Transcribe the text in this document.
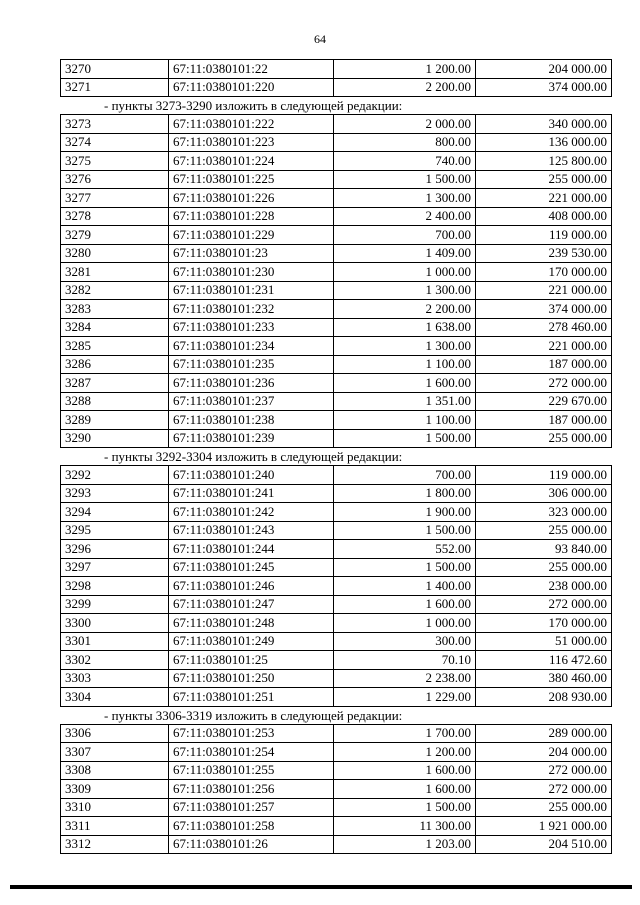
64
3270	67:11:0380101:22	1 200.00	204 000.00
3271	67:11:0380101:220	2 200.00	374 000.00
- пункты 3273-3290 изложить в следующей редакции:
3273	67:11:0380101:222	2 000.00	340 000.00
3274	67:11:0380101:223	800.00	136 000.00
3275	67:11:0380101:224	740.00	125 800.00
3276	67:11:0380101:225	1 500.00	255 000.00
3277	67:11:0380101:226	1 300.00	221 000.00
3278	67:11:0380101:228	2 400.00	408 000.00
3279	67:11:0380101:229	700.00	119 000.00
3280	67:11:0380101:23	1 409.00	239 530.00
3281	67:11:0380101:230	1 000.00	170 000.00
3282	67:11:0380101:231	1 300.00	221 000.00
3283	67:11:0380101:232	2 200.00	374 000.00
3284	67:11:0380101:233	1 638.00	278 460.00
3285	67:11:0380101:234	1 300.00	221 000.00
3286	67:11:0380101:235	1 100.00	187 000.00
3287	67:11:0380101:236	1 600.00	272 000.00
3288	67:11:0380101:237	1 351.00	229 670.00
3289	67:11:0380101:238	1 100.00	187 000.00
3290	67:11:0380101:239	1 500.00	255 000.00
- пункты 3292-3304 изложить в следующей редакции:
3292	67:11:0380101:240	700.00	119 000.00
3293	67:11:0380101:241	1 800.00	306 000.00
3294	67:11:0380101:242	1 900.00	323 000.00
3295	67:11:0380101:243	1 500.00	255 000.00
3296	67:11:0380101:244	552.00	93 840.00
3297	67:11:0380101:245	1 500.00	255 000.00
3298	67:11:0380101:246	1 400.00	238 000.00
3299	67:11:0380101:247	1 600.00	272 000.00
3300	67:11:0380101:248	1 000.00	170 000.00
3301	67:11:0380101:249	300.00	51 000.00
3302	67:11:0380101:25	70.10	116 472.60
3303	67:11:0380101:250	2 238.00	380 460.00
3304	67:11:0380101:251	1 229.00	208 930.00
- пункты 3306-3319 изложить в следующей редакции:
3306	67:11:0380101:253	1 700.00	289 000.00
3307	67:11:0380101:254	1 200.00	204 000.00
3308	67:11:0380101:255	1 600.00	272 000.00
3309	67:11:0380101:256	1 600.00	272 000.00
3310	67:11:0380101:257	1 500.00	255 000.00
3311	67:11:0380101:258	11 300.00	1 921 000.00
3312	67:11:0380101:26	1 203.00	204 510.00
